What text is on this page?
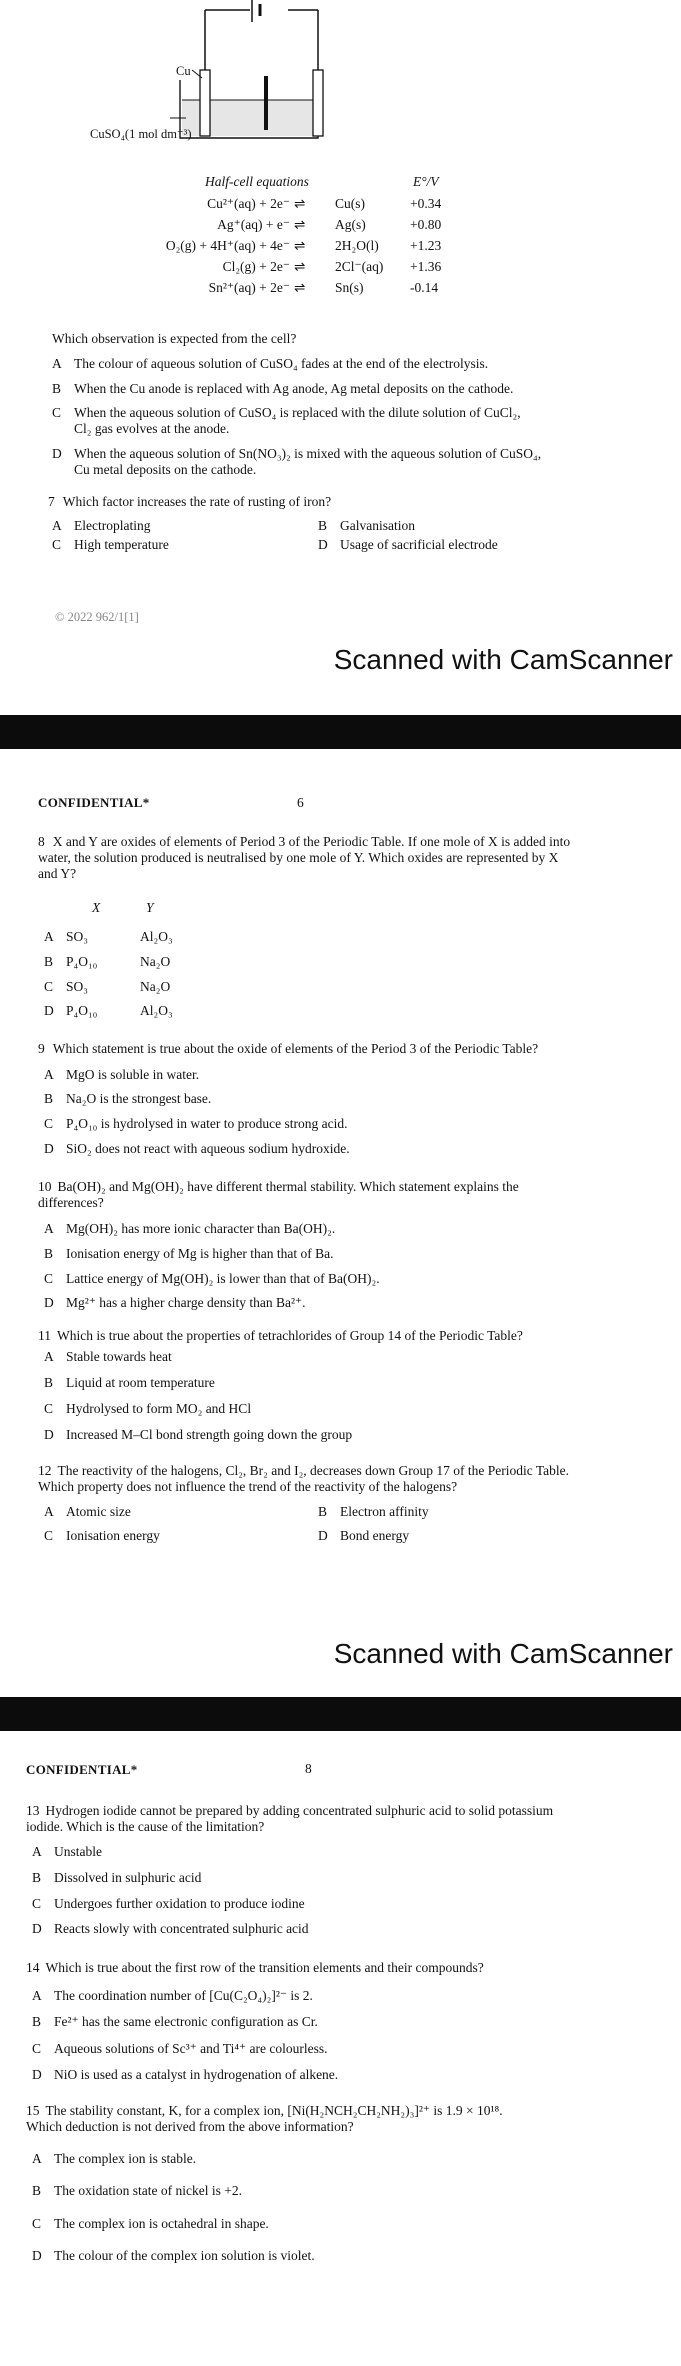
Cu
CuSO₄(1 mol dm⁻³)
Half-cell equations	E°/V
Cu²⁺(aq) + 2e⁻ ⇌ Cu(s)	+0.34
Ag⁺(aq) + e⁻ ⇌ Ag(s)	+0.80
O₂(g) + 4H⁺(aq) + 4e⁻ ⇌ 2H₂O(l) +1.23
Cl₂(g) + 2e⁻ ⇌ 2Cl⁻(aq) +1.36
Sn²⁺(aq) + 2e⁻ ⇌ Sn(s)	-0.14
Which observation is expected from the cell?
A The colour of aqueous solution of CuSO₄ fades at the end of the electrolysis.
B When the Cu anode is replaced with Ag anode, Ag metal deposits on the cathode.
C When the aqueous solution of CuSO₄ is replaced with the dilute solution of CuCl₂,
Cl₂ gas evolves at the anode.
D When the aqueous solution of Sn(NO₃)₂ is mixed with the aqueous solution of CuSO₄,
Cu metal deposits on the cathode.
7 Which factor increases the rate of rusting of iron?
A Electroplating	B Galvanisation
C High temperature	D Usage of sacrificial electrode
© 2022 962/1[1]
Scanned with CamScanner
CONFIDENTIAL*	6
8 X and Y are oxides of elements of Period 3 of the Periodic Table. If one mole of X is added into
water, the solution produced is neutralised by one mole of Y. Which oxides are represented by X
and Y?
X	Y
A SO₃	Al₂O₃
B P₄O₁₀	Na₂O
C SO₃	Na₂O
D P₄O₁₀	Al₂O₃
9 Which statement is true about the oxide of elements of the Period 3 of the Periodic Table?
A MgO is soluble in water.
B Na₂O is the strongest base.
C P₄O₁₀ is hydrolysed in water to produce strong acid.
D SiO₂ does not react with aqueous sodium hydroxide.
10 Ba(OH)₂ and Mg(OH)₂ have different thermal stability. Which statement explains the
differences?
A Mg(OH)₂ has more ionic character than Ba(OH)₂.
B Ionisation energy of Mg is higher than that of Ba.
C Lattice energy of Mg(OH)₂ is lower than that of Ba(OH)₂.
D Mg²⁺ has a higher charge density than Ba²⁺.
11 Which is true about the properties of tetrachlorides of Group 14 of the Periodic Table?
A Stable towards heat
B Liquid at room temperature
C Hydrolysed to form MO₂ and HCl
D Increased M–Cl bond strength going down the group
12 The reactivity of the halogens, Cl₂, Br₂ and I₂, decreases down Group 17 of the Periodic Table.
Which property does not influence the trend of the reactivity of the halogens?
A Atomic size	B Electron affinity
C Ionisation energy	D Bond energy
Scanned with CamScanner
CONFIDENTIAL*	8
13 Hydrogen iodide cannot be prepared by adding concentrated sulphuric acid to solid potassium
iodide. Which is the cause of the limitation?
A Unstable
B Dissolved in sulphuric acid
C Undergoes further oxidation to produce iodine
D Reacts slowly with concentrated sulphuric acid
14 Which is true about the first row of the transition elements and their compounds?
A The coordination number of [Cu(C₂O₄)₂]²⁻ is 2.
B Fe²⁺ has the same electronic configuration as Cr.
C Aqueous solutions of Sc³⁺ and Ti⁴⁺ are colourless.
D NiO is used as a catalyst in hydrogenation of alkene.
15 The stability constant, K, for a complex ion, [Ni(H₂NCH₂CH₂NH₂)₃]²⁺ is 1.9 × 10¹⁸.
Which deduction is not derived from the above information?
A The complex ion is stable.
B The oxidation state of nickel is +2.
C The complex ion is octahedral in shape.
D The colour of the complex ion solution is violet.
